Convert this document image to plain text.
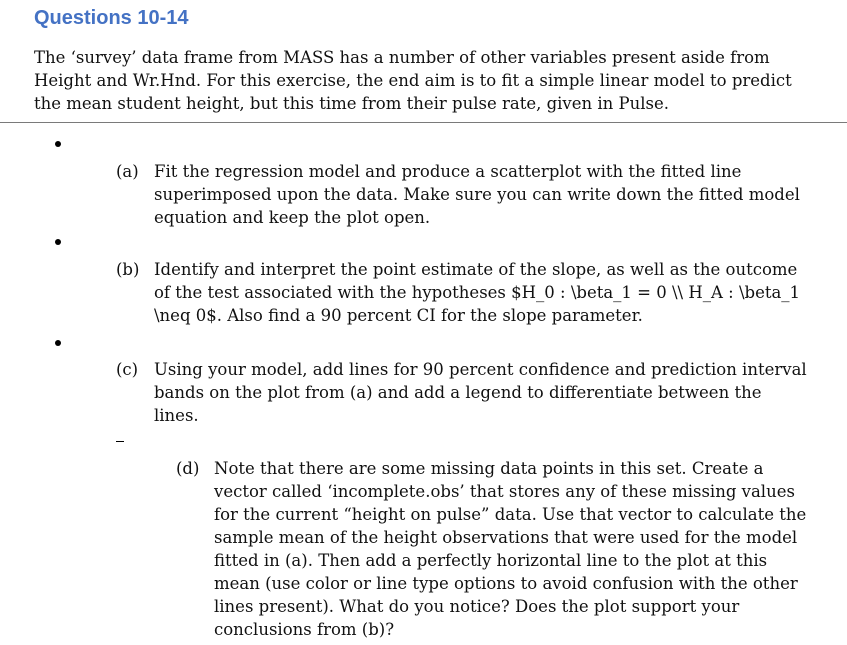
Questions 10-14
The ‘survey’ data frame from MASS has a number of other variables present aside from
Height and Wr.Hnd. For this exercise, the end aim is to fit a simple linear model to predict
the mean student height, but this time from their pulse rate, given in Pulse.
(a) Fit the regression model and produce a scatterplot with the fitted line
superimposed upon the data. Make sure you can write down the fitted model
equation and keep the plot open.
(b) Identify and interpret the point estimate of the slope, as well as the outcome
of the test associated with the hypotheses $H_0 : \beta_1 = 0 \\ H_A : \beta_1
\neq 0$. Also find a 90 percent CI for the slope parameter.
(c) Using your model, add lines for 90 percent confidence and prediction interval
bands on the plot from (a) and add a legend to differentiate between the
lines.
(d) Note that there are some missing data points in this set. Create a
vector called ‘incomplete.obs’ that stores any of these missing values
for the current “height on pulse” data. Use that vector to calculate the
sample mean of the height observations that were used for the model
fitted in (a). Then add a perfectly horizontal line to the plot at this
mean (use color or line type options to avoid confusion with the other
lines present). What do you notice? Does the plot support your
conclusions from (b)?
